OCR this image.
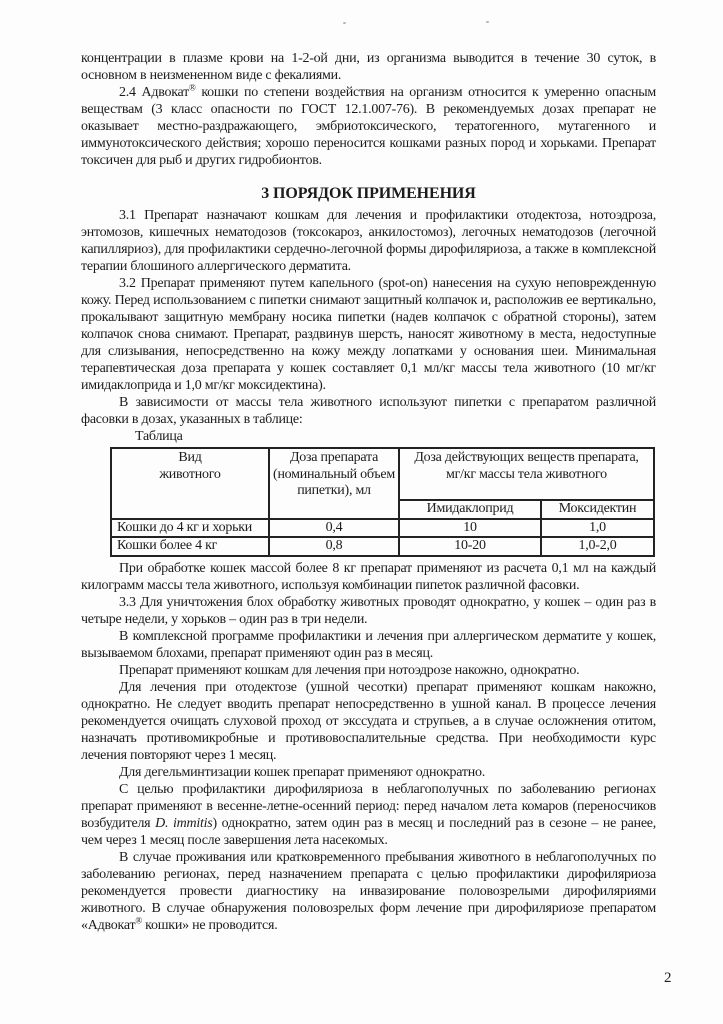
концентрации в плазме крови на 1-2-ой дни, из организма выводится в течение 30 суток, в основном в неизмененном виде с фекалиями.

2.4 Адвокат® кошки по степени воздействия на организм относится к умеренно опасным веществам (3 класс опасности по ГОСТ 12.1.007-76). В рекомендуемых дозах препарат не оказывает местно-раздражающего, эмбриотоксического, тератогенного, мутагенного и иммунотоксического действия; хорошо переносится кошками разных пород и хорьками. Препарат токсичен для рыб и других гидробионтов.

3 ПОРЯДОК ПРИМЕНЕНИЯ

3.1 Препарат назначают кошкам для лечения и профилактики отодектоза, нотоэдроза, энтомозов, кишечных нематодозов (токсокароз, анкилостомоз), легочных нематодозов (легочной капилляриоз), для профилактики сердечно-легочной формы дирофиляриоза, а также в комплексной терапии блошиного аллергического дерматита.

3.2 Препарат применяют путем капельного (spot-on) нанесения на сухую неповрежденную кожу. Перед использованием с пипетки снимают защитный колпачок и, расположив ее вертикально, прокалывают защитную мембрану носика пипетки (надев колпачок с обратной стороны), затем колпачок снова снимают. Препарат, раздвинув шерсть, наносят животному в места, недоступные для слизывания, непосредственно на кожу между лопатками у основания шеи. Минимальная терапевтическая доза препарата у кошек составляет 0,1 мл/кг массы тела животного (10 мг/кг имидаклоприда и 1,0 мг/кг моксидектина).

В зависимости от массы тела животного используют пипетки с препаратом различной фасовки в дозах, указанных в таблице:

Таблица

Вид животного	Доза препарата (номинальный объем пипетки), мл	Доза действующих веществ препарата, мг/кг массы тела животного	
		Имидаклоприд	Моксидектин
Кошки до 4 кг и хорьки	0,4	10	1,0
Кошки более 4 кг	0,8	10-20	1,0-2,0

При обработке кошек массой более 8 кг препарат применяют из расчета 0,1 мл на каждый килограмм массы тела животного, используя комбинации пипеток различной фасовки.

3.3 Для уничтожения блох обработку животных проводят однократно, у кошек – один раз в четыре недели, у хорьков – один раз в три недели.

В комплексной программе профилактики и лечения при аллергическом дерматите у кошек, вызываемом блохами, препарат применяют один раз в месяц.

Препарат применяют кошкам для лечения при нотоэдрозе накожно, однократно.

Для лечения при отодектозе (ушной чесотки) препарат применяют кошкам накожно, однократно. Не следует вводить препарат непосредственно в ушной канал. В процессе лечения рекомендуется очищать слуховой проход от экссудата и струпьев, а в случае осложнения отитом, назначать противомикробные и противовоспалительные средства. При необходимости курс лечения повторяют через 1 месяц.

Для дегельминтизации кошек препарат применяют однократно.

С целью профилактики дирофиляриоза в неблагополучных по заболеванию регионах препарат применяют в весенне-летне-осенний период: перед началом лета комаров (переносчиков возбудителя D. immitis) однократно, затем один раз в месяц и последний раз в сезоне – не ранее, чем через 1 месяц после завершения лета насекомых.

В случае проживания или кратковременного пребывания животного в неблагополучных по заболеванию регионах, перед назначением препарата с целью профилактики дирофиляриоза рекомендуется провести диагностику на инвазирование половозрелыми дирофиляриями животного. В случае обнаружения половозрелых форм лечение при дирофиляриозе препаратом «Адвокат® кошки» не проводится.

2
